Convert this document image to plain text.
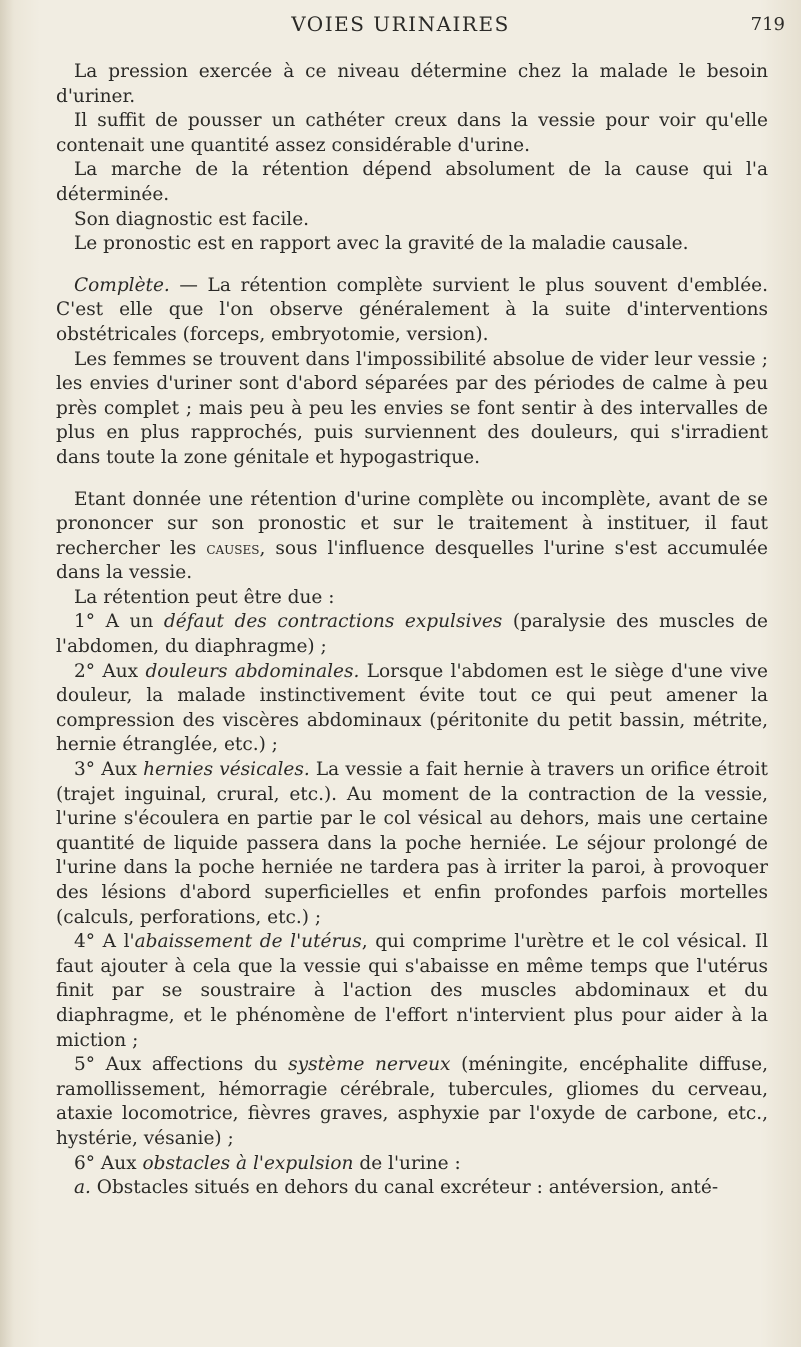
VOIES URINAIRES	719

La pression exercée à ce niveau détermine chez la malade le besoin d'uriner.

Il suffit de pousser un cathéter creux dans la vessie pour voir qu'elle contenait une quantité assez considérable d'urine.

La marche de la rétention dépend absolument de la cause qui l'a déterminée.

Son diagnostic est facile.

Le pronostic est en rapport avec la gravité de la maladie causale.

Complète. — La rétention complète survient le plus souvent d'emblée. C'est elle que l'on observe généralement à la suite d'interventions obstétricales (forceps, embryotomie, version).

Les femmes se trouvent dans l'impossibilité absolue de vider leur vessie ; les envies d'uriner sont d'abord séparées par des périodes de calme à peu près complet ; mais peu à peu les envies se font sentir à des intervalles de plus en plus rapprochés, puis surviennent des douleurs, qui s'irradient dans toute la zone génitale et hypogastrique.

Etant donnée une rétention d'urine complète ou incomplète, avant de se prononcer sur son pronostic et sur le traitement à instituer, il faut rechercher les causes, sous l'influence desquelles l'urine s'est accumulée dans la vessie.

La rétention peut être due :

1° A un défaut des contractions expulsives (paralysie des muscles de l'abdomen, du diaphragme) ;

2° Aux douleurs abdominales. Lorsque l'abdomen est le siège d'une vive douleur, la malade instinctivement évite tout ce qui peut amener la compression des viscères abdominaux (péritonite du petit bassin, métrite, hernie étranglée, etc.) ;

3° Aux hernies vésicales. La vessie a fait hernie à travers un orifice étroit (trajet inguinal, crural, etc.). Au moment de la contraction de la vessie, l'urine s'écoulera en partie par le col vésical au dehors, mais une certaine quantité de liquide passera dans la poche herniée. Le séjour prolongé de l'urine dans la poche herniée ne tardera pas à irriter la paroi, à provoquer des lésions d'abord superficielles et enfin profondes parfois mortelles (calculs, perforations, etc.) ;

4° A l'abaissement de l'utérus, qui comprime l'urètre et le col vésical. Il faut ajouter à cela que la vessie qui s'abaisse en même temps que l'utérus finit par se soustraire à l'action des muscles abdominaux et du diaphragme, et le phénomène de l'effort n'intervient plus pour aider à la miction ;

5° Aux affections du système nerveux (méningite, encéphalite diffuse, ramollissement, hémorragie cérébrale, tubercules, gliomes du cerveau, ataxie locomotrice, fièvres graves, asphyxie par l'oxyde de carbone, etc., hystérie, vésanie) ;

6° Aux obstacles à l'expulsion de l'urine :

a. Obstacles situés en dehors du canal excréteur : antéversion, anté-
